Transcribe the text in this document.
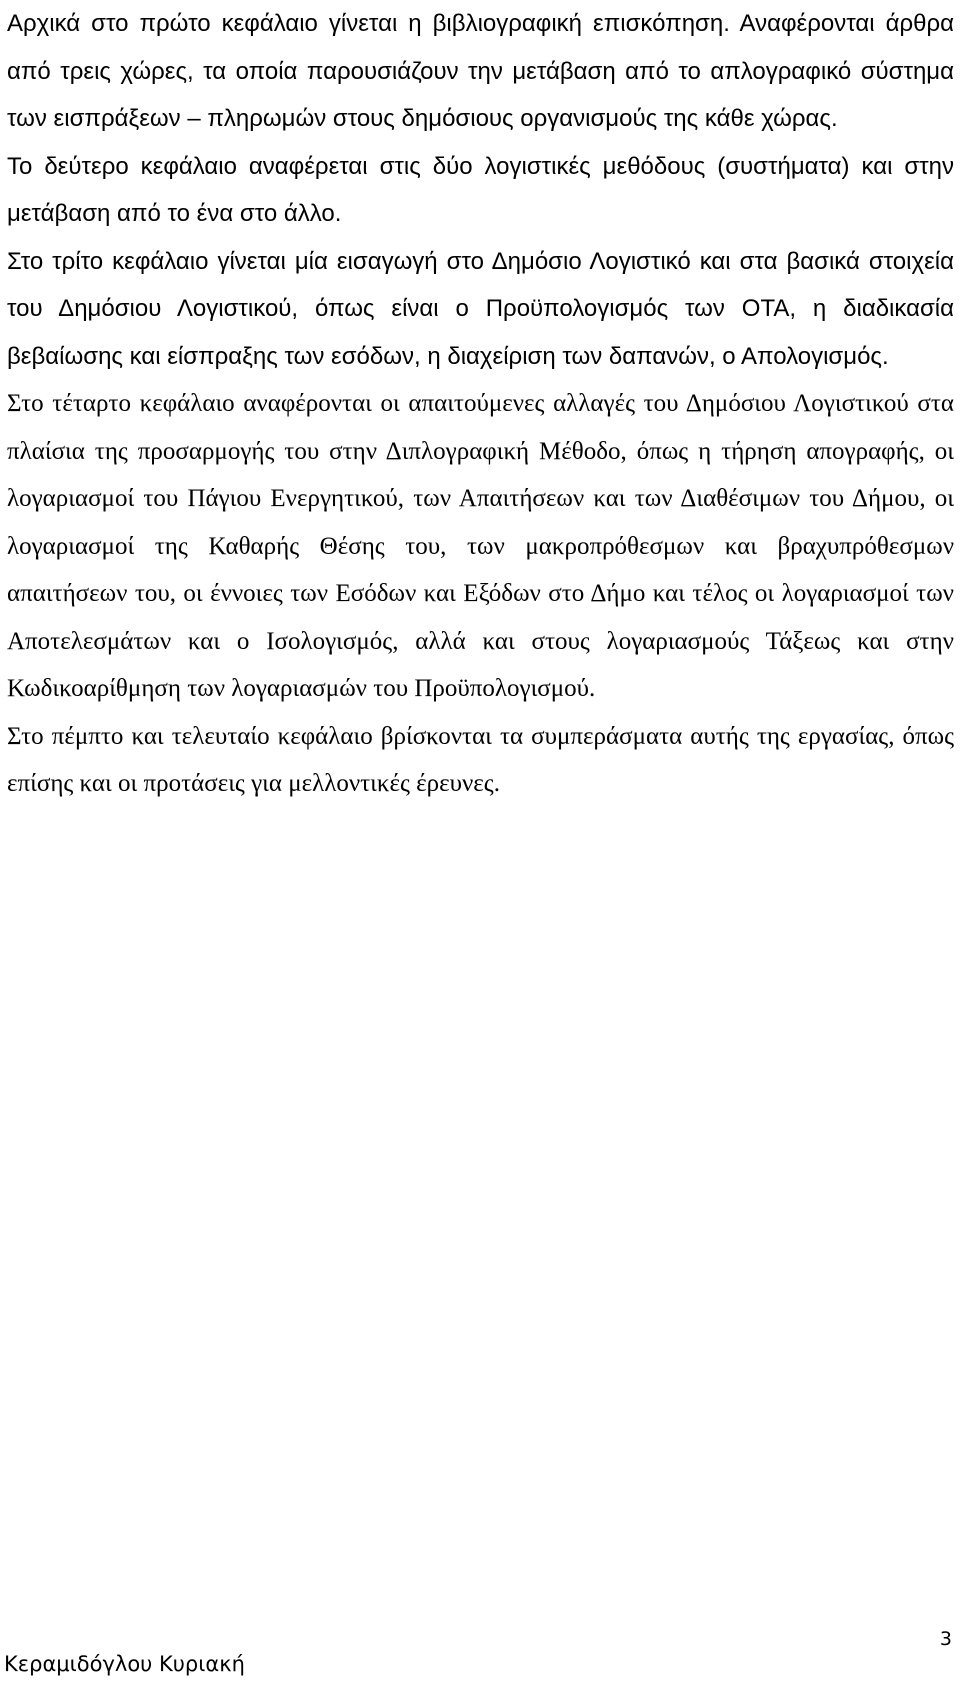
Αρχικά στο πρώτο κεφάλαιο γίνεται η βιβλιογραφική επισκόπηση. Αναφέρονται άρθρα από τρεις χώρες, τα οποία παρουσιάζουν την μετάβαση από το απλογραφικό σύστημα των εισπράξεων – πληρωμών στους δημόσιους οργανισμούς της κάθε χώρας.

Το δεύτερο κεφάλαιο αναφέρεται στις δύο λογιστικές μεθόδους (συστήματα) και στην μετάβαση από το ένα στο άλλο.

Στο τρίτο κεφάλαιο γίνεται μία εισαγωγή στο Δημόσιο Λογιστικό και στα βασικά στοιχεία του Δημόσιου Λογιστικού, όπως είναι ο Προϋπολογισμός των ΟΤΑ, η διαδικασία βεβαίωσης και είσπραξης των εσόδων, η διαχείριση των δαπανών, ο Απολογισμός.

Στο τέταρτο κεφάλαιο αναφέρονται οι απαιτούμενες αλλαγές του Δημόσιου Λογιστικού στα πλαίσια της προσαρμογής του στην Διπλογραφική Μέθοδο, όπως η τήρηση απογραφής, οι λογαριασμοί του Πάγιου Ενεργητικού, των Απαιτήσεων και των Διαθέσιμων του Δήμου, οι λογαριασμοί της Καθαρής Θέσης του, των μακροπρόθεσμων και βραχυπρόθεσμων απαιτήσεων του, οι έννοιες των Εσόδων και Εξόδων στο Δήμο και τέλος οι λογαριασμοί των Αποτελεσμάτων και ο Ισολογισμός, αλλά και στους λογαριασμούς Τάξεως και στην Κωδικοαρίθμηση των λογαριασμών του Προϋπολογισμού.

Στο πέμπτο και τελευταίο κεφάλαιο βρίσκονται τα συμπεράσματα αυτής της εργασίας, όπως επίσης και οι προτάσεις για μελλοντικές έρευνες.

3
Κεραμιδόγλου Κυριακή
